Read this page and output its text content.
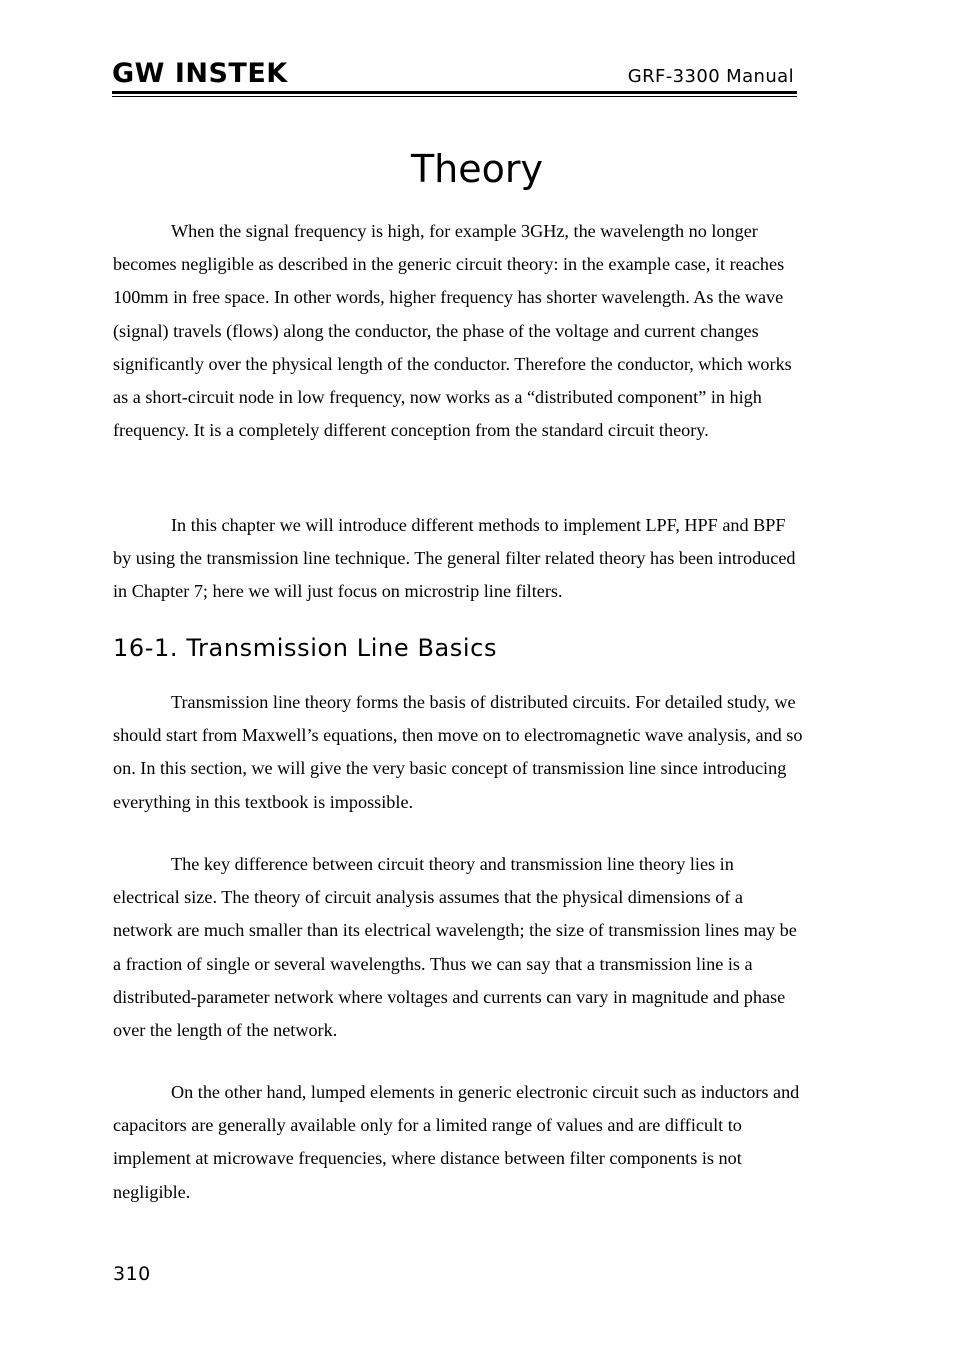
GW INSTEK	GRF-3300 Manual
Theory

When the signal frequency is high, for example 3GHz, the wavelength no longer becomes negligible as described in the generic circuit theory: in the example case, it reaches 100mm in free space. In other words, higher frequency has shorter wavelength. As the wave (signal) travels (flows) along the conductor, the phase of the voltage and current changes significantly over the physical length of the conductor. Therefore the conductor, which works as a short-circuit node in low frequency, now works as a “distributed component” in high frequency. It is a completely different conception from the standard circuit theory.

In this chapter we will introduce different methods to implement LPF, HPF and BPF by using the transmission line technique. The general filter related theory has been introduced in Chapter 7; here we will just focus on microstrip line filters.

16-1. Transmission Line Basics

Transmission line theory forms the basis of distributed circuits. For detailed study, we should start from Maxwell’s equations, then move on to electromagnetic wave analysis, and so on. In this section, we will give the very basic concept of transmission line since introducing everything in this textbook is impossible.

The key difference between circuit theory and transmission line theory lies in electrical size. The theory of circuit analysis assumes that the physical dimensions of a network are much smaller than its electrical wavelength; the size of transmission lines may be a fraction of single or several wavelengths. Thus we can say that a transmission line is a distributed-parameter network where voltages and currents can vary in magnitude and phase over the length of the network.

On the other hand, lumped elements in generic electronic circuit such as inductors and capacitors are generally available only for a limited range of values and are difficult to implement at microwave frequencies, where distance between filter components is not negligible.

310
